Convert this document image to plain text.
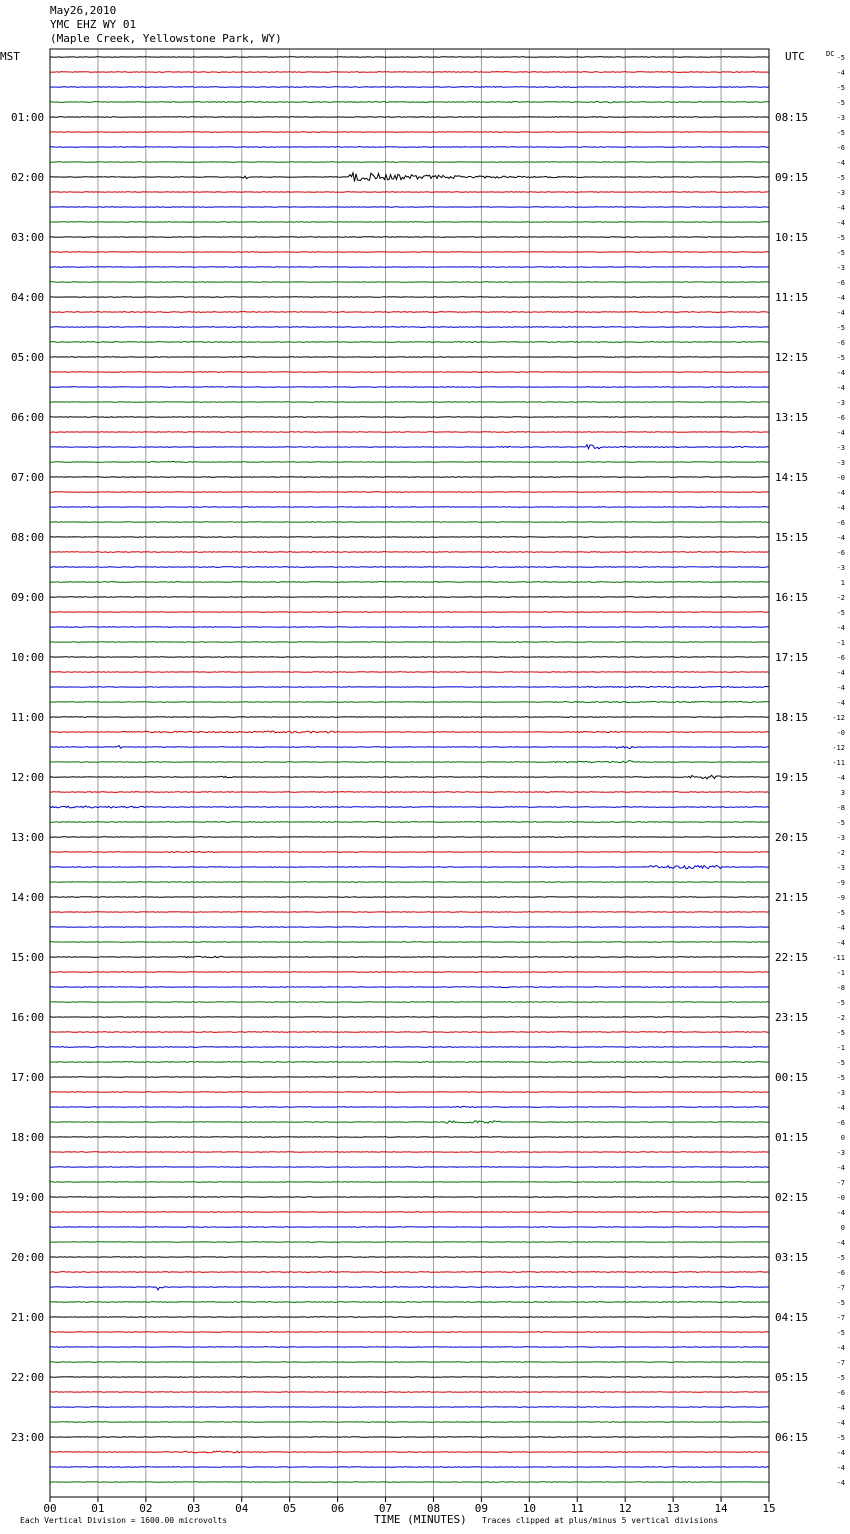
May26,2010
YMC EHZ WY 01
(Maple Creek, Yellowstone Park, WY)
MST	UTC	DC
01:00
02:00
03:00
04:00
05:00
06:00
07:00
08:00
09:00
10:00
11:00
12:00
13:00
14:00
15:00
16:00
17:00
18:00
19:00
20:00
21:00
22:00
23:00
08:15
09:15
10:15
11:15
12:15
13:15
14:15
15:15
16:15
17:15
18:15
19:15
20:15
21:15
22:15
23:15
00:15
01:15
02:15
03:15
04:15
05:15
06:15
-5
-4
-5
-5
-3
-5
-6
-4
-5
-3
-4
-4
-5
-5
-3
-6
-4
-4
-5
-6
-5
-4
-4
-3
-6
-4
-3
-3
-0
-4
-4
-6
-4
-6
-3
1
-2
-5
-4
-1
-6
-4
-4
-4
-12
-0
-12
-11
-4
3
-8
-5
-3
-2
-3
-9
-9
-5
-4
-4
-11
-1
-8
-5
-2
-5
-1
-5
-5
-3
-4
-6
0
-3
-4
-7
-0
-4
0
-4
-5
-6
-7
-5
-7
-5
-4
-7
-5
-6
-4
-4
-5
-4
-4
-4
00	01	02	03	04	05	06	07	08	09	10	11	12	13	14	15
Each Vertical Division = 1600.00 microvolts	TIME (MINUTES) Traces clipped at plus/minus 5 vertical divisions
